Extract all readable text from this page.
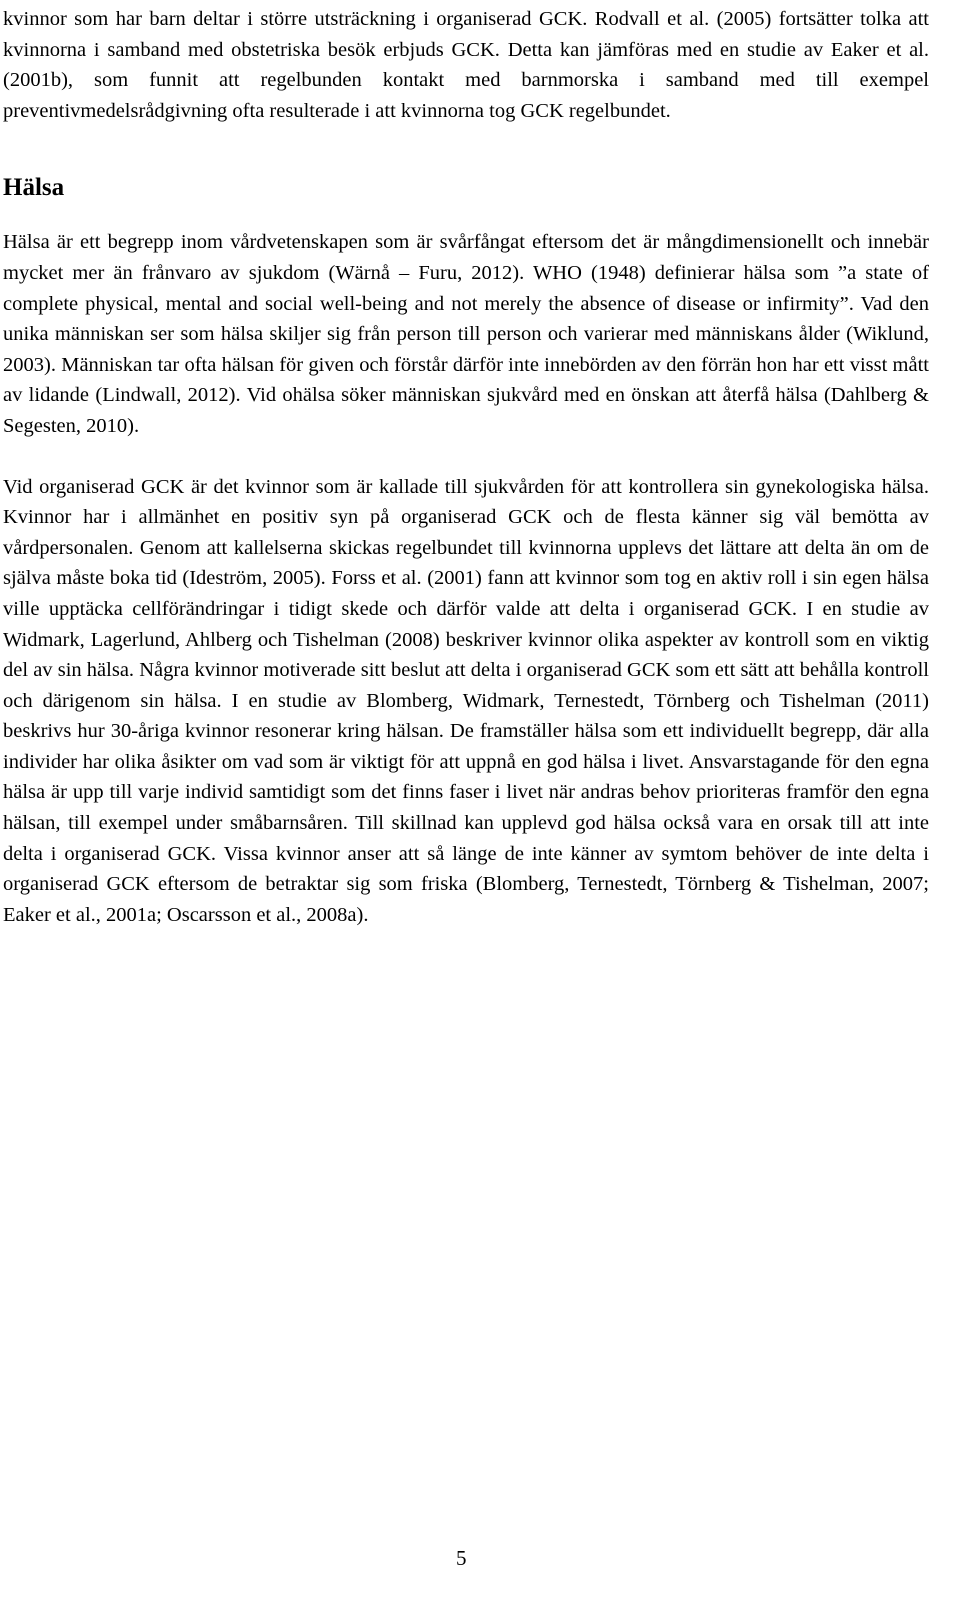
kvinnor som har barn deltar i större utsträckning i organiserad GCK. Rodvall et al. (2005) fortsätter tolka att kvinnorna i samband med obstetriska besök erbjuds GCK. Detta kan jämföras med en studie av Eaker et al. (2001b), som funnit att regelbunden kontakt med barnmorska i samband med till exempel preventivmedelsrådgivning ofta resulterade i att kvinnorna tog GCK regelbundet.

Hälsa

Hälsa är ett begrepp inom vårdvetenskapen som är svårfångat eftersom det är mångdimensionellt och innebär mycket mer än frånvaro av sjukdom (Wärnå – Furu, 2012). WHO (1948) definierar hälsa som ”a state of complete physical, mental and social well-being and not merely the absence of disease or infirmity”. Vad den unika människan ser som hälsa skiljer sig från person till person och varierar med människans ålder (Wiklund, 2003). Människan tar ofta hälsan för given och förstår därför inte innebörden av den förrän hon har ett visst mått av lidande (Lindwall, 2012). Vid ohälsa söker människan sjukvård med en önskan att återfå hälsa (Dahlberg & Segesten, 2010).

Vid organiserad GCK är det kvinnor som är kallade till sjukvården för att kontrollera sin gynekologiska hälsa. Kvinnor har i allmänhet en positiv syn på organiserad GCK och de flesta känner sig väl bemötta av vårdpersonalen. Genom att kallelserna skickas regelbundet till kvinnorna upplevs det lättare att delta än om de själva måste boka tid (Ideström, 2005). Forss et al. (2001) fann att kvinnor som tog en aktiv roll i sin egen hälsa ville upptäcka cellförändringar i tidigt skede och därför valde att delta i organiserad GCK. I en studie av Widmark, Lagerlund, Ahlberg och Tishelman (2008) beskriver kvinnor olika aspekter av kontroll som en viktig del av sin hälsa. Några kvinnor motiverade sitt beslut att delta i organiserad GCK som ett sätt att behålla kontroll och därigenom sin hälsa. I en studie av Blomberg, Widmark, Ternestedt, Törnberg och Tishelman (2011) beskrivs hur 30-åriga kvinnor resonerar kring hälsan. De framställer hälsa som ett individuellt begrepp, där alla individer har olika åsikter om vad som är viktigt för att uppnå en god hälsa i livet. Ansvarstagande för den egna hälsa är upp till varje individ samtidigt som det finns faser i livet när andras behov prioriteras framför den egna hälsan, till exempel under småbarnsåren. Till skillnad kan upplevd god hälsa också vara en orsak till att inte delta i organiserad GCK. Vissa kvinnor anser att så länge de inte känner av symtom behöver de inte delta i organiserad GCK eftersom de betraktar sig som friska (Blomberg, Ternestedt, Törnberg & Tishelman, 2007; Eaker et al., 2001a; Oscarsson et al., 2008a).

5
